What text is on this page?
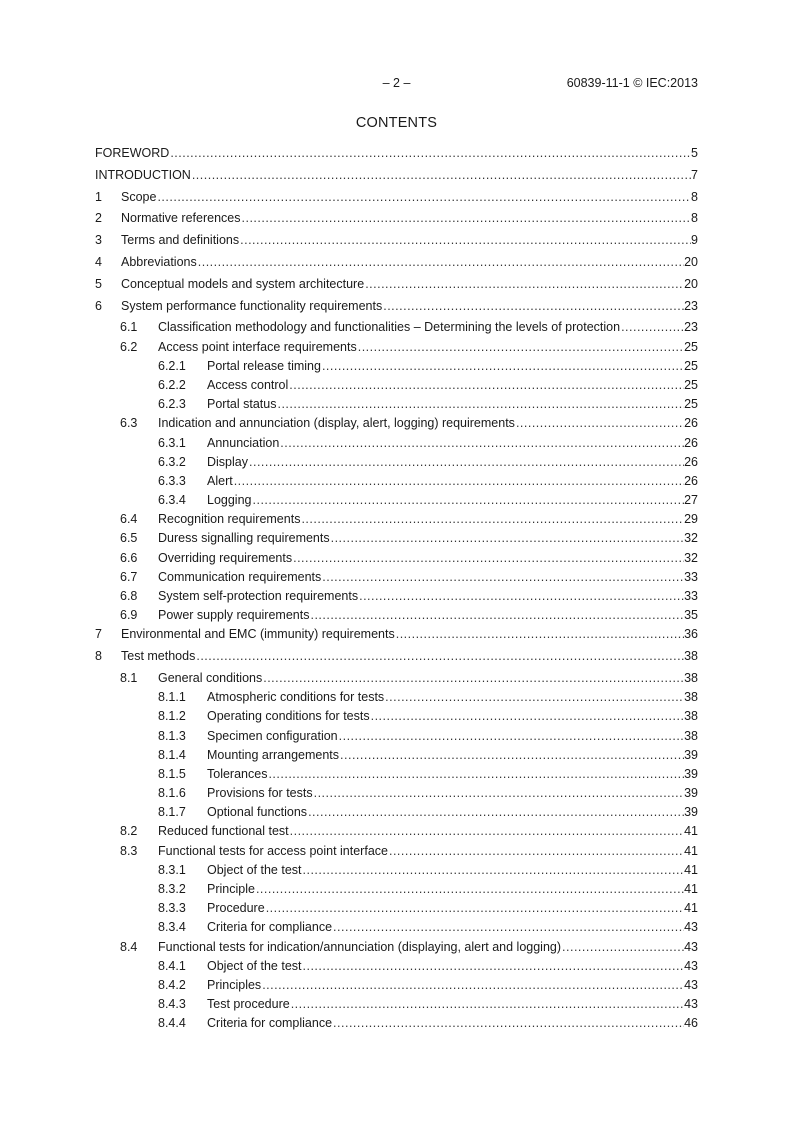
– 2 –	60839-11-1 © IEC:2013
CONTENTS
FOREWORD .....	5
INTRODUCTION .....	7
1	Scope .....	8
2	Normative references .....	8
3	Terms and definitions .....	9
4	Abbreviations .....	20
5	Conceptual models and system architecture .....	20
6	System performance functionality requirements .....	23
6.1	Classification methodology and functionalities – Determining the levels of protection .....	23
6.2	Access point interface requirements .....	25
6.2.1	Portal release timing .....	25
6.2.2	Access control .....	25
6.2.3	Portal status .....	25
6.3	Indication and annunciation (display, alert, logging) requirements .....	26
6.3.1	Annunciation .....	26
6.3.2	Display .....	26
6.3.3	Alert .....	26
6.3.4	Logging .....	27
6.4	Recognition requirements .....	29
6.5	Duress signalling requirements .....	32
6.6	Overriding requirements .....	32
6.7	Communication requirements .....	33
6.8	System self-protection requirements .....	33
6.9	Power supply requirements .....	35
7	Environmental and EMC (immunity) requirements .....	36
8	Test methods .....	38
8.1	General conditions .....	38
8.1.1	Atmospheric conditions for tests .....	38
8.1.2	Operating conditions for tests .....	38
8.1.3	Specimen configuration .....	38
8.1.4	Mounting arrangements .....	39
8.1.5	Tolerances .....	39
8.1.6	Provisions for tests .....	39
8.1.7	Optional functions .....	39
8.2	Reduced functional test .....	41
8.3	Functional tests for access point interface .....	41
8.3.1	Object of the test .....	41
8.3.2	Principle .....	41
8.3.3	Procedure .....	41
8.3.4	Criteria for compliance .....	43
8.4	Functional tests for indication/annunciation (displaying, alert and logging) .....	43
8.4.1	Object of the test .....	43
8.4.2	Principles .....	43
8.4.3	Test procedure .....	43
8.4.4	Criteria for compliance .....	46
